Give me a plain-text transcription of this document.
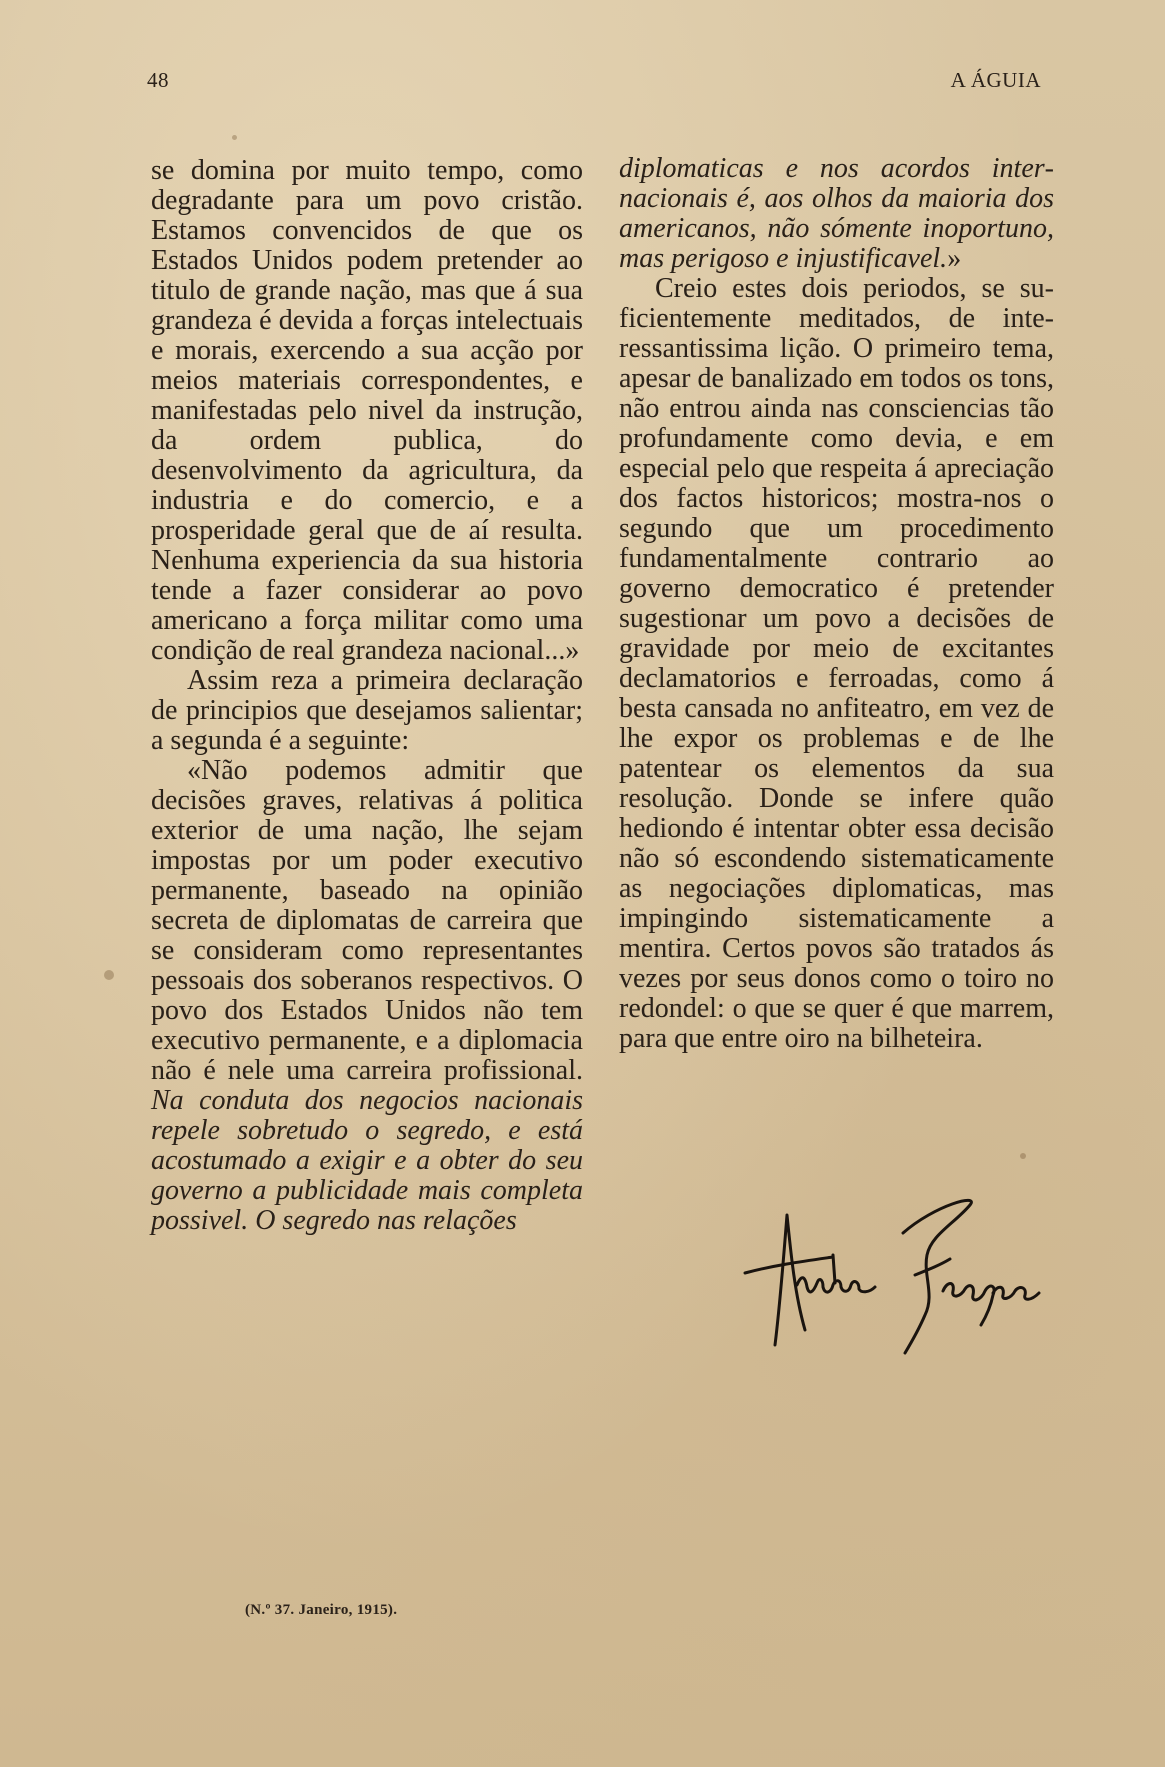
48	A ÁGUIA

se domina por muito tempo, como degradante para um povo cristão. Estamos convencidos de que os Estados Unidos podem pretender ao titulo de grande nação, mas que á sua grandeza é devida a forças intelectuais e morais, exercendo a sua acção por meios materiais correspondentes, e manifestadas pelo nivel da instrução, da ordem publica, do desenvolvimento da agricultura, da industria e do comercio, e a prosperidade geral que de aí resulta. Nenhuma experiencia da sua historia tende a fazer considerar ao povo americano a força militar como uma condição de real grandeza nacional...»

Assim reza a primeira declaração de principios que desejamos salientar; a segunda é a seguinte:

«Não podemos admitir que decisões graves, relativas á politica exterior de uma nação, lhe sejam impostas por um poder executivo permanente, baseado na opinião secreta de diplomatas de carreira que se consideram como representantes pessoais dos soberanos respectivos. O povo dos Estados Unidos não tem executivo permanente, e a diplomacia não é nele uma carreira profissional. Na conduta dos negocios nacionais repele sobretudo o segredo, e está acostumado a exigir e a obter do seu governo a publicidade mais completa possivel. O segredo nas relações

diplomaticas e nos acordos internacionais é, aos olhos da maioria dos americanos, não sómente inoportuno, mas perigoso e injustificavel.»

Creio estes dois periodos, se suficientemente meditados, de interessantissima lição. O primeiro tema, apesar de banalizado em todos os tons, não entrou ainda nas consciencias tão profundamente como devia, e em especial pelo que respeita á apreciação dos factos historicos; mostra-nos o segundo que um procedimento fundamentalmente contrario ao governo democratico é pretender sugestionar um povo a decisões de gravidade por meio de excitantes declamatorios e ferroadas, como á besta cansada no anfiteatro, em vez de lhe expor os problemas e de lhe patentear os elementos da sua resolução. Donde se infere quão hediondo é intentar obter essa decisão não só escondendo sistematicamente as negociações diplomaticas, mas impingindo sistematicamente a mentira. Certos povos são tratados ás vezes por seus donos como o toiro no redondel: o que se quer é que marrem, para que entre oiro na bilheteira.

(N.º 37. Janeiro, 1915).
